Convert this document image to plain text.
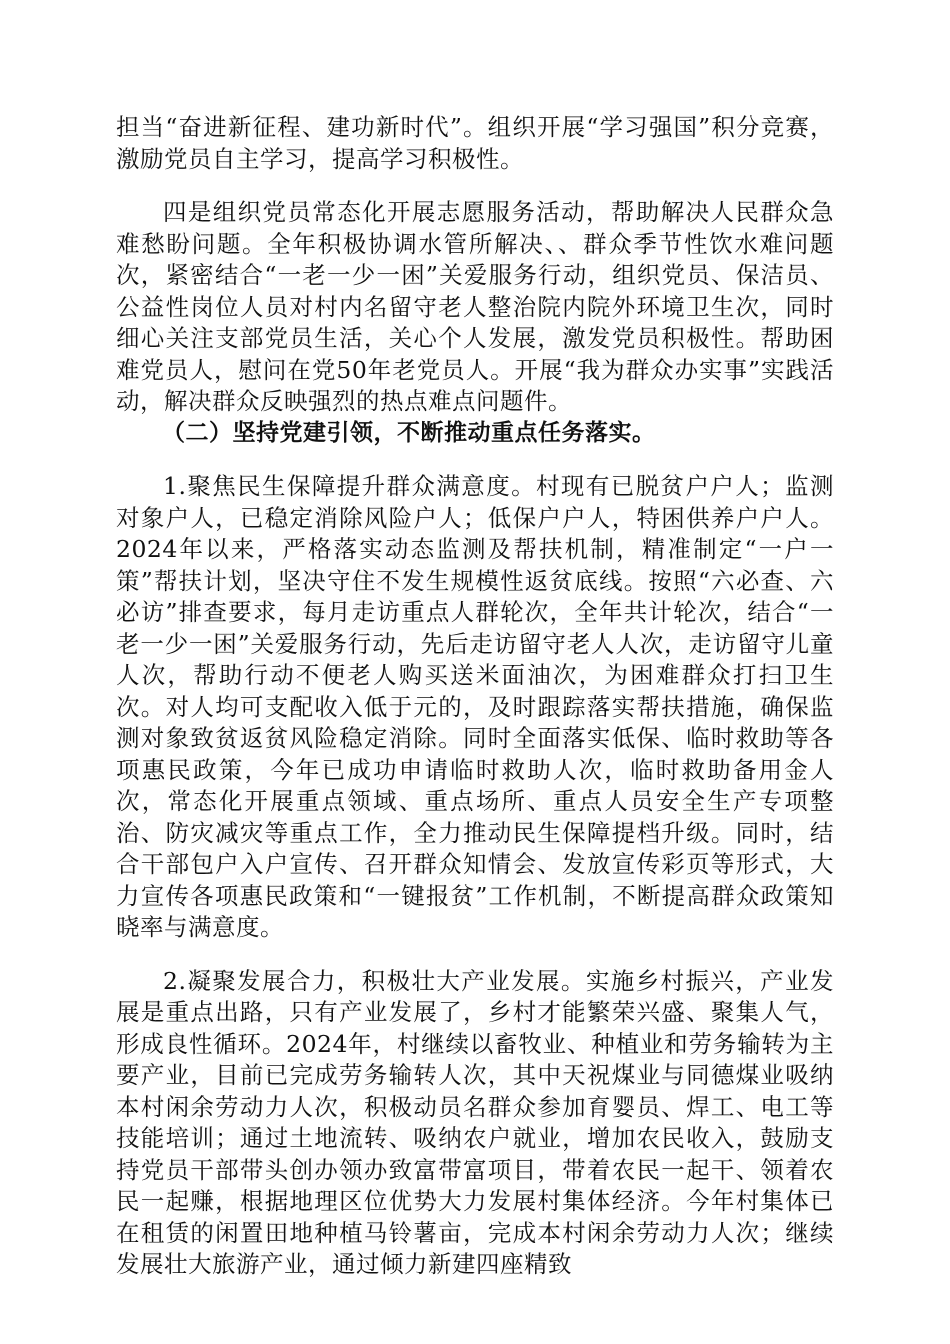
担当“奋进新征程、建功新时代”。组织开展“学习强国”积分竞赛，激励党员自主学习，提高学习积极性。

四是组织党员常态化开展志愿服务活动，帮助解决人民群众急难愁盼问题。全年积极协调水管所解决、、群众季节性饮水难问题次，紧密结合“一老一少一困”关爱服务行动，组织党员、保洁员、公益性岗位人员对村内名留守老人整治院内院外环境卫生次，同时细心关注支部党员生活，关心个人发展，激发党员积极性。帮助困难党员人，慰问在党50年老党员人。开展“我为群众办实事”实践活动，解决群众反映强烈的热点难点问题件。

（二）坚持党建引领，不断推动重点任务落实。

1.聚焦民生保障提升群众满意度。村现有已脱贫户户人；监测对象户人，已稳定消除风险户人；低保户户人，特困供养户户人。2024年以来，严格落实动态监测及帮扶机制，精准制定“一户一策”帮扶计划，坚决守住不发生规模性返贫底线。按照“六必查、六必访”排查要求，每月走访重点人群轮次，全年共计轮次，结合“一老一少一困”关爱服务行动，先后走访留守老人人次，走访留守儿童人次，帮助行动不便老人购买送米面油次，为困难群众打扫卫生次。对人均可支配收入低于元的，及时跟踪落实帮扶措施，确保监测对象致贫返贫风险稳定消除。同时全面落实低保、临时救助等各项惠民政策，今年已成功申请临时救助人次，临时救助备用金人次，常态化开展重点领域、重点场所、重点人员安全生产专项整治、防灾减灾等重点工作，全力推动民生保障提档升级。同时，结合干部包户入户宣传、召开群众知情会、发放宣传彩页等形式，大力宣传各项惠民政策和“一键报贫”工作机制，不断提高群众政策知晓率与满意度。

2.凝聚发展合力，积极壮大产业发展。实施乡村振兴，产业发展是重点出路，只有产业发展了，乡村才能繁荣兴盛、聚集人气，形成良性循环。2024年，村继续以畜牧业、种植业和劳务输转为主要产业，目前已完成劳务输转人次，其中天祝煤业与同德煤业吸纳本村闲余劳动力人次，积极动员名群众参加育婴员、焊工、电工等技能培训；通过土地流转、吸纳农户就业，增加农民收入，鼓励支持党员干部带头创办领办致富带富项目，带着农民一起干、领着农民一起赚，根据地理区位优势大力发展村集体经济。今年村集体已在租赁的闲置田地种植马铃薯亩，完成本村闲余劳动力人次；继续发展壮大旅游产业，通过倾力新建四座精致
